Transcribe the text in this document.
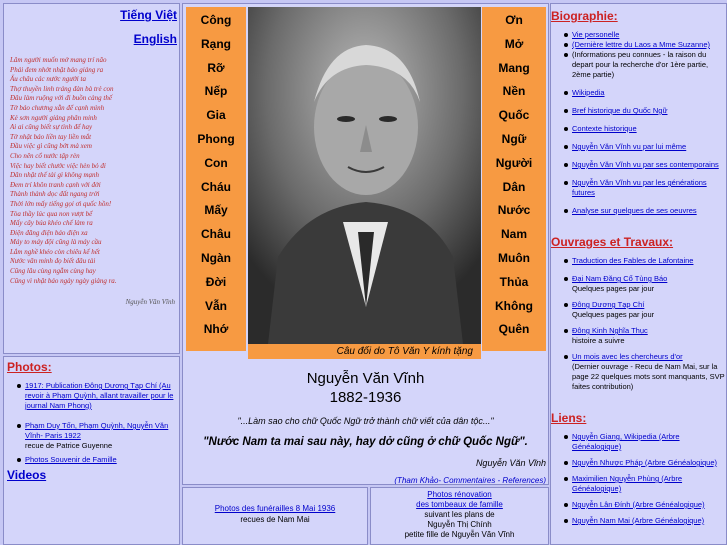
Tiếng Việt
English
Lâm người muốn mở mang trí não
Phải đem nhớt nhật báo giảng ra
Ấu châu các nước người ta
Thợ thuyền linh tráng đàn bà trẻ con
Đâu làm ruộng với đi buồn càng thế
Tờ báo chương xẫn để cạnh mình
Kẻ sơn người giảng phân minh
Ai ai cũng biết sự tình để hay
Tờ nhật báo liền tay liền mắt
Đầu việc gì cũng bớt mà xem
Cho nên cổ nước tập rèn
Việc hay biết chước việc hèn bỏ đi
Dân nhật thế tài gì không mạnh
Đem trí khôn tranh cạnh với đời
Thành thành dọc đất ngang trời
Thời lớn mấy tiếng gọi ơi quốc hồn!
Tòa thầy lúc qua non vượt bể
Mấy cây búa khéo chế làm ra
Điện đăng điện báo điện xa
Máy to máy đội cũng là máy cầu
Lắm nghề khéo còn chiêu kế hết
Nước văn minh đọ biết đâu tài
Cũng lâu cùng ngẫm cùng hay
Cũng vì nhật báo ngày ngày giảng ra.
Nguyễn Văn Vĩnh
Photos:
1917: Publication Đông Dương Tạp Chí (Au revoir à Phạm Quỳnh, allant travailler pour le journal Nam Phong)
Phạm Duy Tốn, Phạm Quỳnh, Nguyễn Văn Vĩnh- Paris 1922
recue de Patrice Guyenne
Photos Souvenir de Famille
Videos
Công
Rạng
Rỡ
Nếp
Gia
Phong
Con
Cháu
Mấy
Châu
Ngàn
Đời
Vẫn
Nhớ
Ơn
Mở
Mang
Nền
Quốc
Ngữ
Người
Dân
Nước
Nam
Muôn
Thủa
Không
Quên
Câu đối do Tô Văn Y kính tặng
Nguyễn Văn Vĩnh
1882-1936
"...Làm sao cho chữ Quốc Ngữ trở thành chữ viết của dân tộc..."
"Nước Nam ta mai sau này, hay dở cũng ở chữ Quốc Ngữ".
Nguyễn Văn Vĩnh
(Tham Khảo- Commentaires - References)
Photos des funérailles 8 Mai 1936
recues de Nam Mai
Photos rénovation
des tombeaux de famille
suivant les plans de
Nguyễn Thị Chính
petite fille de Nguyễn Văn Vĩnh
Biographie:
Vie personelle
(Dernière lettre du Laos a Mme Suzanne)
(Informations peu connues - la raison du depart pour la recherche d'or 1ère partie, 2ème partie)
Wikipedia
Bref historique du Quốc Ngữ
Contexte historique
Nguyễn Văn Vĩnh vu par lui même
Nguyễn Văn Vĩnh vu par ses contemporains
Nguyễn Văn Vĩnh vu par les générations futures
Analyse sur quelques de ses oeuvres
Ouvrages et Travaux:
Traduction des Fables de Lafontaine
Đại Nam Đăng Cổ Tùng Báo
Quelques pages par jour
Đông Dương Tạp Chí
Quelques pages par jour
Đông Kinh Nghĩa Thục
histoire a suivre
Un mois avec les chercheurs d'or
(Dernier ouvrage - Recu de Nam Mai, sur la page 22 quelques mots sont manquants, SVP faites contribution)
Liens:
Nguyễn Giang, Wikipedia (Arbre Généalogique)
Nguyễn Nhược Pháp (Arbre Généalogique)
Maximilien Nguyễn Phùng (Arbre Généalogique)
Nguyễn Lân Đính (Arbre Généalogique)
Nguyễn Nam Mai (Arbre Généalogique)
